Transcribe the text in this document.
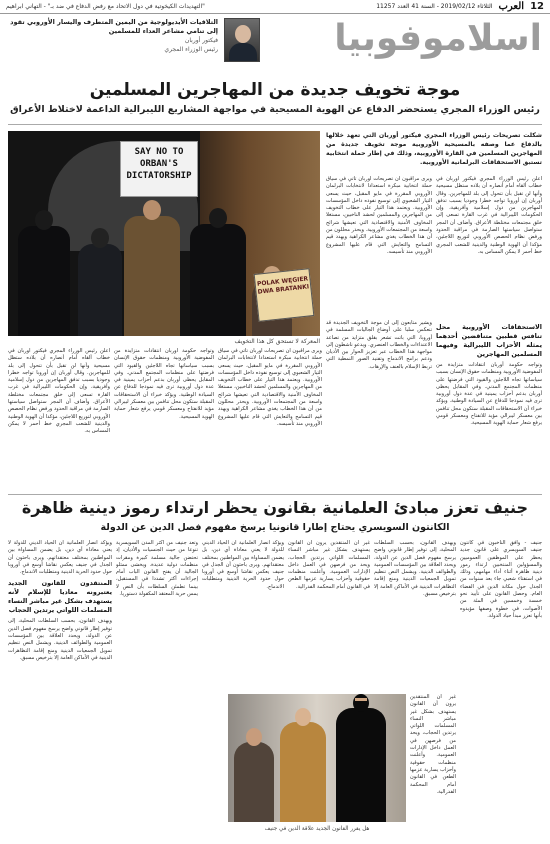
12
العرب
الثلاثاء 2019/02/12 - السنة 41 العدد 11257
"التهديدات الكيخوتية في دول الاتحاد مع رفض الدفاع في ضد بـ" - التهاني ابراهيم
اسلاموفوبيا
التلاقيات الأيديولوجية من اليمين المتطرف واليسار الأوروبي تقود إلى تنامي مشاعر العداء للمسلمين
فيكتور أوربان
رئيس الوزراء المجري
موجة تخويف جديدة من المهاجرين المسلمين
رئيس الوزراء المجري يستحضر الدفاع عن الهوية المسيحية في مواجهة المشاريع الليبرالية الداعمة لاختلاط الأعراق
شكلت تصريحات رئيس الوزراء المجري فيكتور أوربان التي تعهد خلالها بالدفاع عما وصفه بالمسيحية الأوروبية موجة تخويف جديدة من المهاجرين المسلمين في القارة الأوروبية، وذلك في إطار حملة انتخابية تستبق الاستحقاقات البرلمانية الأوروبية.
SAY NO TO ORBAN'S DICTATORSHIP
POLAK WĘGIER DWA BRATANKI
المعركة لا تستحق كل هذا التخويف

أعلن رئيس الوزراء المجري فيكتور أوربان في خطاب ألقاه أمام أنصاره أن بلاده ستظل مسيحية وأنها لن تقبل بأن تتحول إلى بلد للمهاجرين. وقال أوربان إن أوروبا تواجه خطرا وجوديا بسبب تدفق المهاجرين من دول إسلامية وأفريقية، وإن الحكومات الليبرالية في غرب القارة تسعى إلى خلق مجتمعات مختلطة الأعراق. وأضاف أن المجر ستواصل سياستها الصارمة في مراقبة الحدود ورفض نظام الحصص الأوروبي لتوزيع اللاجئين، مؤكدا أن الهوية الوطنية والدينية للشعب المجري خط أحمر لا يمكن المساس به.

ويرى مراقبون أن تصريحات أوربان تأتي في سياق حملة انتخابية مبكرة استعدادا لانتخابات البرلمان الأوروبي المقررة في مايو المقبل، حيث يسعى التيار الشعبوي إلى توسيع نفوذه داخل المؤسسات الأوروبية. ويعتمد هذا التيار على خطاب التخويف من المهاجرين والمسلمين لحشد الناخبين، مستغلا المخاوف الأمنية والاقتصادية التي تعيشها شرائح واسعة من المجتمعات الأوروبية. ويحذر محللون من أن هذا الخطاب يغذي مشاعر الكراهية ويهدد قيم التسامح والتعايش التي قام عليها المشروع الأوروبي منذ تأسيسه.

الاستحقاقات الأوروبية محل تنافس قطبين متناقضين أحدهما يمثله الأحزاب الليبرالية وفيهما المسلمين المهاجرين

وتواجه حكومة أوربان انتقادات متزايدة من المفوضية الأوروبية ومنظمات حقوق الإنسان بسبب سياساتها تجاه اللاجئين والقيود التي فرضتها على منظمات المجتمع المدني. وفي المقابل يحظى أوربان بدعم أحزاب يمينية في عدة دول أوروبية ترى فيه نموذجا للدفاع عن السيادة الوطنية. ويؤكد خبراء أن الاستحقاقات المقبلة ستكون محل تنافس بين معسكر ليبرالي مؤيد للانفتاح ومعسكر قومي يرفع شعار حماية الهوية المسيحية.

ويشير متابعون إلى أن موجة التخويف الجديدة قد تنعكس سلبا على أوضاع الجاليات المسلمة في أوروبا، التي باتت تشعر بقلق متزايد من تصاعد الاعتداءات والخطاب العنصري. ويدعو ناشطون إلى مواجهة هذا الخطاب عبر تعزيز الحوار بين الأديان ودعم برامج الاندماج وتفنيد الصور النمطية التي تربط الإسلام بالعنف والإرهاب.

ويرى مراقبون أن تصريحات أوربان تأتي في سياق حملة انتخابية مبكرة استعدادا لانتخابات البرلمان الأوروبي المقررة في مايو المقبل، حيث يسعى التيار الشعبوي إلى توسيع نفوذه داخل المؤسسات الأوروبية. ويعتمد هذا التيار على خطاب التخويف من المهاجرين والمسلمين لحشد الناخبين، مستغلا المخاوف الأمنية والاقتصادية التي تعيشها شرائح واسعة من المجتمعات الأوروبية. ويحذر محللون من أن هذا الخطاب يغذي مشاعر الكراهية ويهدد قيم التسامح والتعايش التي قام عليها المشروع الأوروبي منذ تأسيسه.

وتواجه حكومة أوربان انتقادات متزايدة من المفوضية الأوروبية ومنظمات حقوق الإنسان بسبب سياساتها تجاه اللاجئين والقيود التي فرضتها على منظمات المجتمع المدني. وفي المقابل يحظى أوربان بدعم أحزاب يمينية في عدة دول أوروبية ترى فيه نموذجا للدفاع عن السيادة الوطنية. ويؤكد خبراء أن الاستحقاقات المقبلة ستكون محل تنافس بين معسكر ليبرالي مؤيد للانفتاح ومعسكر قومي يرفع شعار حماية الهوية المسيحية.

أعلن رئيس الوزراء المجري فيكتور أوربان في خطاب ألقاه أمام أنصاره أن بلاده ستظل مسيحية وأنها لن تقبل بأن تتحول إلى بلد للمهاجرين. وقال أوربان إن أوروبا تواجه خطرا وجوديا بسبب تدفق المهاجرين من دول إسلامية وأفريقية، وإن الحكومات الليبرالية في غرب القارة تسعى إلى خلق مجتمعات مختلطة الأعراق. وأضاف أن المجر ستواصل سياستها الصارمة في مراقبة الحدود ورفض نظام الحصص الأوروبي لتوزيع اللاجئين، مؤكدا أن الهوية الوطنية والدينية للشعب المجري خط أحمر لا يمكن المساس به.

جنيف تعزز مبادئ العلمانية بقانون يحظر ارتداء رموز دينية ظاهرة
الكانتون السويسري يحتاج إطارا قانونيا يرسخ مفهوم فصل الدين عن الدولة

جنيف - وافق الناخبون في كانتون جنيف السويسري على قانون جديد يحظر على الموظفين العموميين والمسؤولين المنتخبين ارتداء رموز دينية ظاهرة أثناء أداء مهامهم، وذلك في استفتاء شعبي جاء بعد سنوات من الجدل حول مكانة الدين في الفضاء العام. وحصل القانون على تأييد نحو خمسة وخمسين في المئة من الأصوات، في خطوة وصفها مؤيدوه بأنها تعزز مبدأ حياد الدولة.

ويهدف القانون، بحسب السلطات المحلية، إلى توفير إطار قانوني واضح يرسخ مفهوم فصل الدين عن الدولة، ويحدد العلاقة بين المؤسسات العمومية والطوائف الدينية. ويشمل النص تنظيم تمويل الجمعيات الدينية ومنع إقامة التظاهرات الدينية في الأماكن العامة إلا بترخيص مسبق.

غير أن المنتقدين يرون أن القانون يستهدف بشكل غير مباشر النساء المسلمات اللواتي يرتدين الحجاب، ويحد من فرصهن في العمل داخل الإدارات العمومية. وأعلنت منظمات حقوقية وأحزاب يسارية عزمها الطعن في القانون أمام المحكمة الفدرالية.

ويؤكد أنصار العلمانية أن الحياد الديني للدولة لا يعني معاداة أي دين، بل يضمن المساواة بين المواطنين بمختلف معتقداتهم. ويرى باحثون أن الجدل في جنيف يعكس نقاشا أوسع في أوروبا حول حدود الحرية الدينية ومتطلبات الاندماج.

وتعد جنيف من أكثر المدن السويسرية تنوعا من حيث الجنسيات والأديان، إذ تحتضن جالية مسلمة كبيرة ومقرات منظمات دولية عديدة. ويخشى ممثلو الجالية أن يفتح القانون الباب أمام إجراءات أكثر تشددا في المستقبل، بينما تطمئن السلطات بأن النص لا يمس حرية المعتقد المكفولة دستوريا.

ويؤكد أنصار العلمانية أن الحياد الديني للدولة لا يعني معاداة أي دين، بل يضمن المساواة بين المواطنين بمختلف معتقداتهم. ويرى باحثون أن الجدل في جنيف يعكس نقاشا أوسع في أوروبا حول حدود الحرية الدينية ومتطلبات الاندماج.

المنتقدون للقانون الجديد يعتبرونه معاديا للإسلام لأنه يستهدف بشكل غير مباشر النساء المسلمات اللواتي يرتدين الحجاب

ويهدف القانون، بحسب السلطات المحلية، إلى توفير إطار قانوني واضح يرسخ مفهوم فصل الدين عن الدولة، ويحدد العلاقة بين المؤسسات العمومية والطوائف الدينية. ويشمل النص تنظيم تمويل الجمعيات الدينية ومنع إقامة التظاهرات الدينية في الأماكن العامة إلا بترخيص مسبق.

غير أن المنتقدين يرون أن القانون يستهدف بشكل غير مباشر النساء المسلمات اللواتي يرتدين الحجاب، ويحد من فرصهن في العمل داخل الإدارات العمومية. وأعلنت منظمات حقوقية وأحزاب يسارية عزمها الطعن في القانون أمام المحكمة الفدرالية.

هل يقرر القانون الجديد علاقة الدين في جنيف
